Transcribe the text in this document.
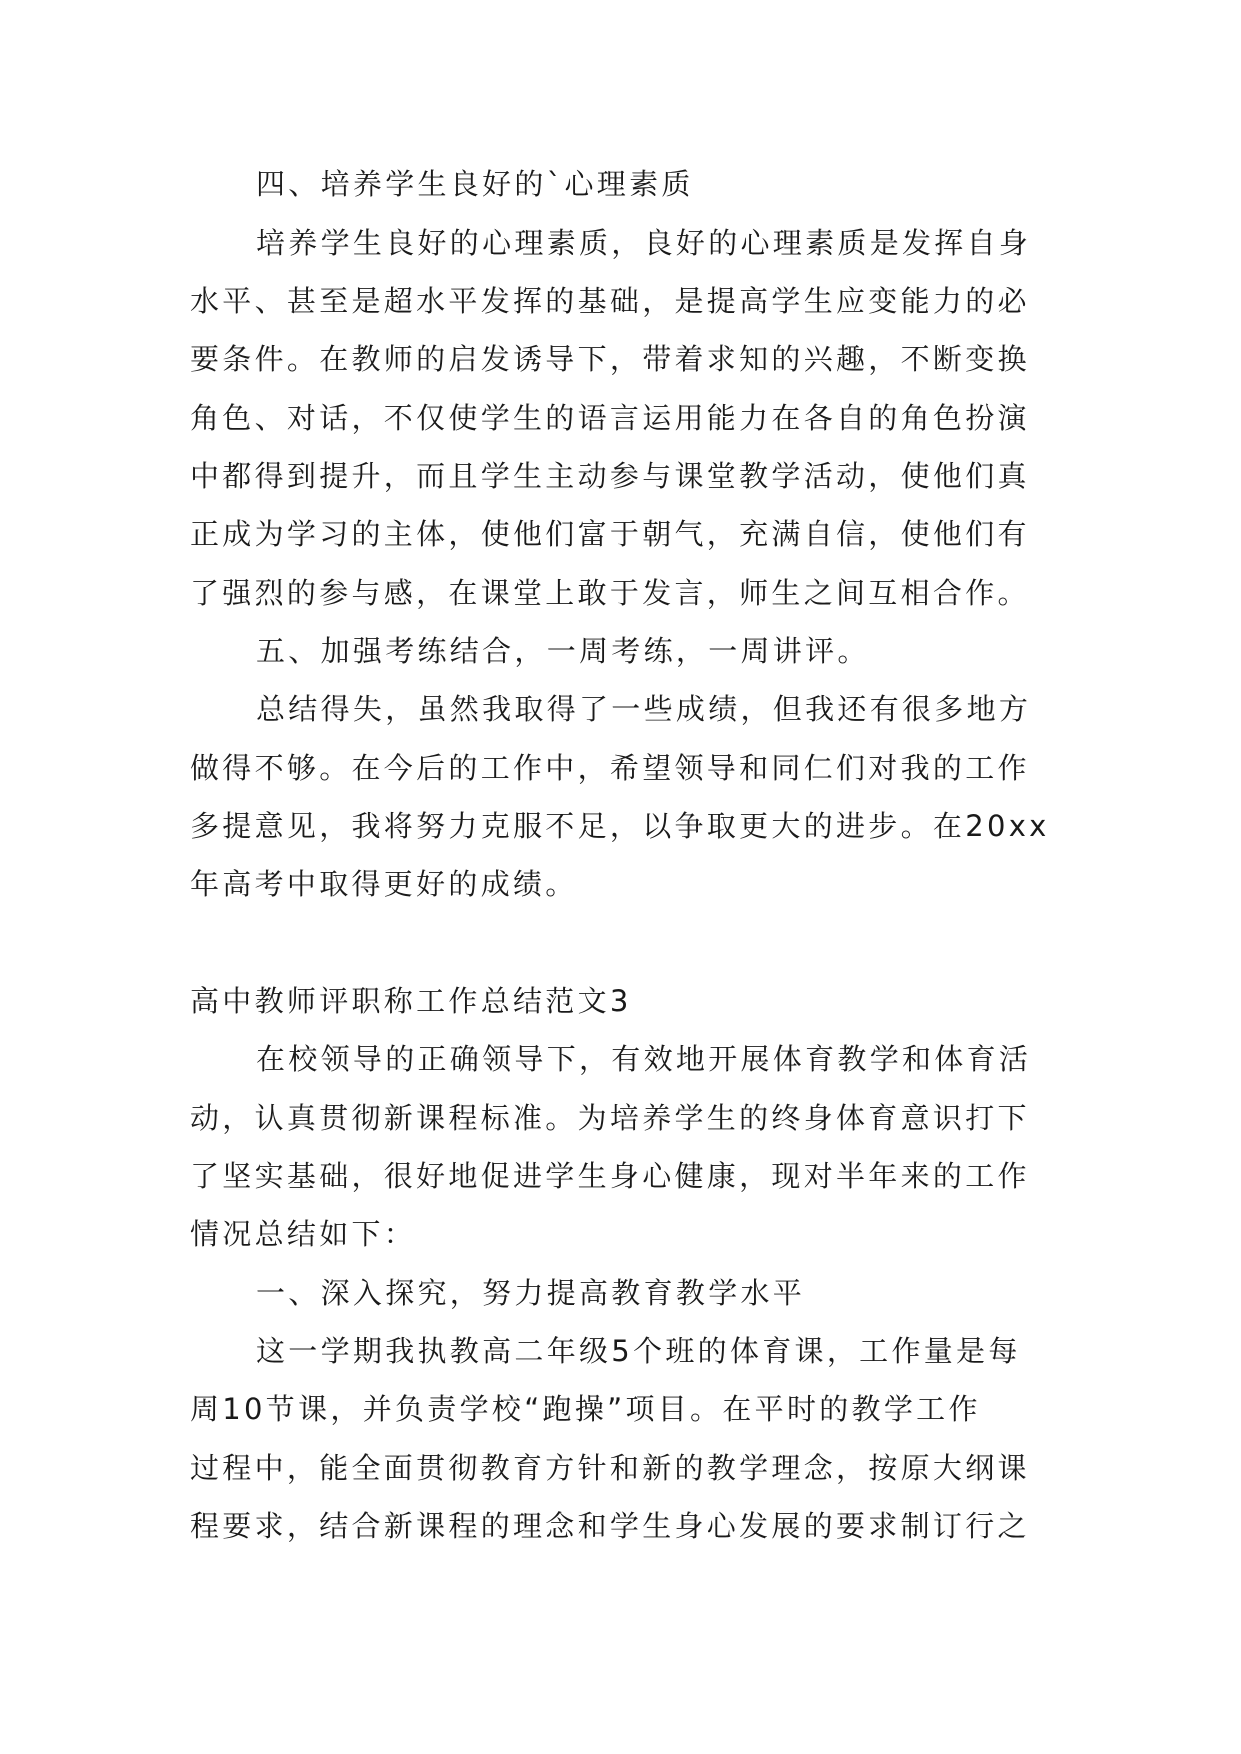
四、培养学生良好的`心理素质
培养学生良好的心理素质，良好的心理素质是发挥自身
水平、甚至是超水平发挥的基础，是提高学生应变能力的必
要条件。在教师的启发诱导下，带着求知的兴趣，不断变换
角色、对话，不仅使学生的语言运用能力在各自的角色扮演
中都得到提升，而且学生主动参与课堂教学活动，使他们真
正成为学习的主体，使他们富于朝气，充满自信，使他们有
了强烈的参与感，在课堂上敢于发言，师生之间互相合作。
五、加强考练结合，一周考练，一周讲评。
总结得失，虽然我取得了一些成绩，但我还有很多地方
做得不够。在今后的工作中，希望领导和同仁们对我的工作
多提意见，我将努力克服不足，以争取更大的进步。在20xx
年高考中取得更好的成绩。
高中教师评职称工作总结范文3
在校领导的正确领导下，有效地开展体育教学和体育活
动，认真贯彻新课程标准。为培养学生的终身体育意识打下
了坚实基础，很好地促进学生身心健康，现对半年来的工作
情况总结如下：
一、深入探究，努力提高教育教学水平
这一学期我执教高二年级5个班的体育课，工作量是每
周10节课，并负责学校“跑操”项目。在平时的教学工作
过程中，能全面贯彻教育方针和新的教学理念，按原大纲课
程要求，结合新课程的理念和学生身心发展的要求制订行之
